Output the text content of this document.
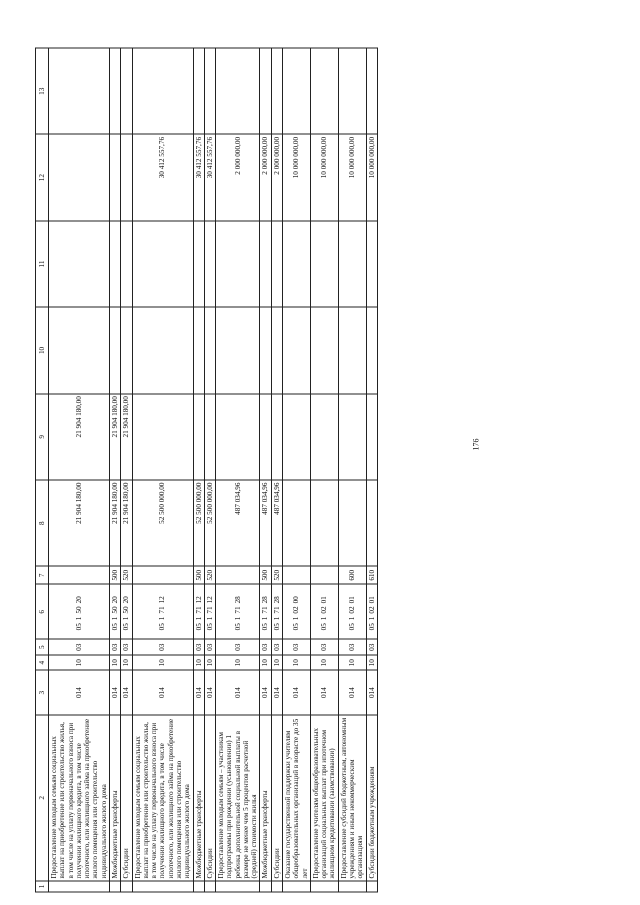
176
1	2	3	4	5	6	7	8	9	10	11	12	13
	Предоставление молодым семьям социальных выплат на приобретение или строительство жилья, в том числе на уплату первоначального взноса при получении жилищного кредита, в том числе ипотечного, или жилищного займа на приобретение жилого помещения или строительство индивидуального жилого дома	014	10	03	0515020		21 904 180,00	21 904 180,00				
	Межбюджетные трансферты	014	10	03	0515020	500	21 904 180,00	21 904 180,00				
	Субсидии	014	10	03	0515020	520	21 904 180,00	21 904 180,00				
	Предоставление молодым семьям социальных выплат на приобретение или строительство жилья, в том числе на уплату первоначального взноса при получении жилищного кредита, в том числе ипотечного, или жилищного займа на приобретение жилого помещения или строительство индивидуального жилого дома	014	10	03	0517112		52 500 000,00				30 412 557,76	
	Межбюджетные трансферты	014	10	03	0517112	500	52 500 000,00				30 412 557,76	
	Субсидии	014	10	03	0517112	520	52 500 000,00				30 412 557,76	
	Предоставление молодым семьям – участникам подпрограммы при рождении (усыновлении) 1 ребенка дополнительной социальной выплаты в размере не менее чем 5 процентов расчетной (средней) стоимости жилья	014	10	03	0517128		487 034,96				2 000 000,00	
	Межбюджетные трансферты	014	10	03	0517128	500	487 034,96				2 000 000,00	
	Субсидии	014	10	03	0517128	520	487 034,96				2 000 000,00	
	Оказание государственной поддержки учителям общеобразовательных организаций в возрасте до 35 лет	014	10	03	0510200						10 000 000,00	
	Предоставление учителям общеобразовательных организаций социальных выплат при ипотечном жилищном кредитовании (заимствовании)	014	10	03	0510201						10 000 000,00	
	Предоставление субсидий бюджетным, автономным учреждениям и иным некоммерческим организациям	014	10	03	0510201	600					10 000 000,00	
	Субсидии бюджетным учреждениям	014	10	03	0510201	610					10 000 000,00	
